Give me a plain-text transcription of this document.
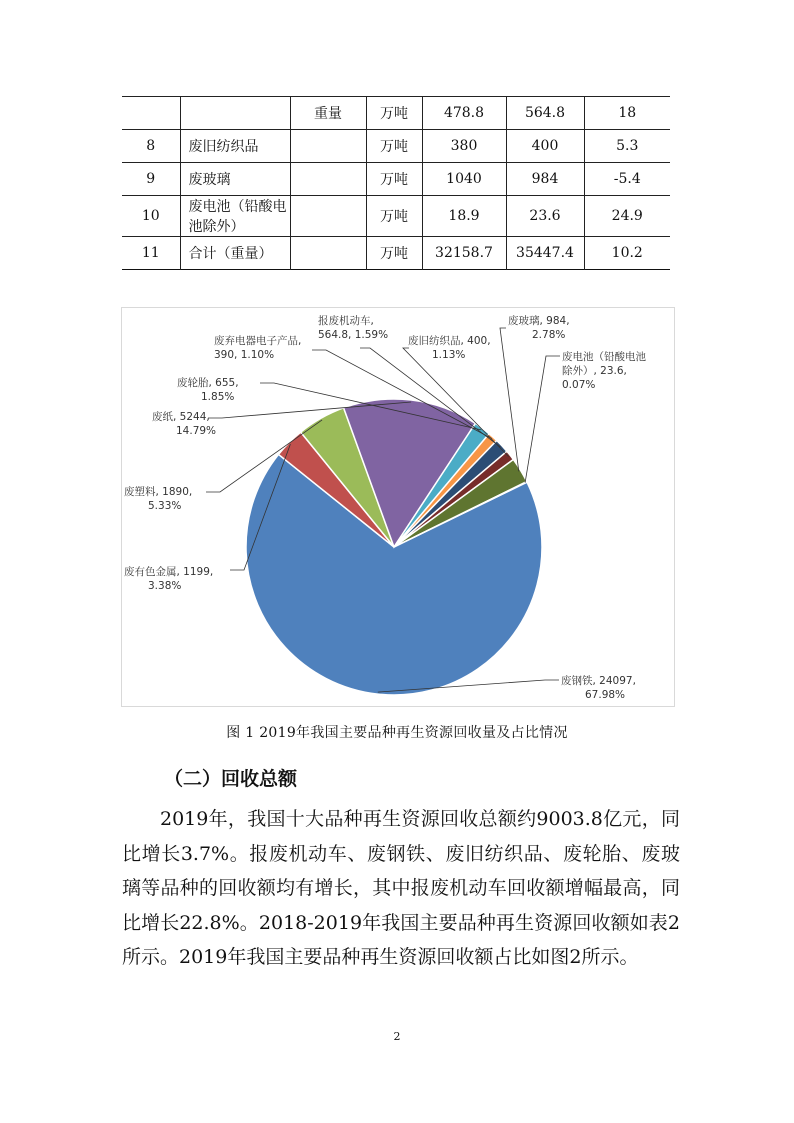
		重量	万吨	478.8	564.8	18
8	废旧纺织品		万吨	380	400	5.3
9	废玻璃		万吨	1040	984	-5.4
10	废电池（铅酸电池除外）		万吨	18.9	23.6	24.9
11	合计（重量）		万吨	32158.7	35447.4	10.2
废钢铁, 24097, 67.98%
废有色金属, 1199, 3.38%
废塑料, 1890, 5.33%
废纸, 5244, 14.79%
废轮胎, 655, 1.85%
废弃电器电子产品, 390, 1.10%
报废机动车, 564.8, 1.59% 废旧纺织品, 400, 1.13%
废玻璃, 984, 2.78%
废电池（铅酸电池除外）, 23.6, 0.07%
图 1 2019年我国主要品种再生资源回收量及占比情况
（二）回收总额

2019年，我国十大品种再生资源回收总额约9003.8亿元，同比增长3.7%。报废机动车、废钢铁、废旧纺织品、废轮胎、废玻璃等品种的回收额均有增长，其中报废机动车回收额增幅最高，同比增长22.8%。2018-2019年我国主要品种再生资源回收额如表2所示。2019年我国主要品种再生资源回收额占比如图2所示。

2
